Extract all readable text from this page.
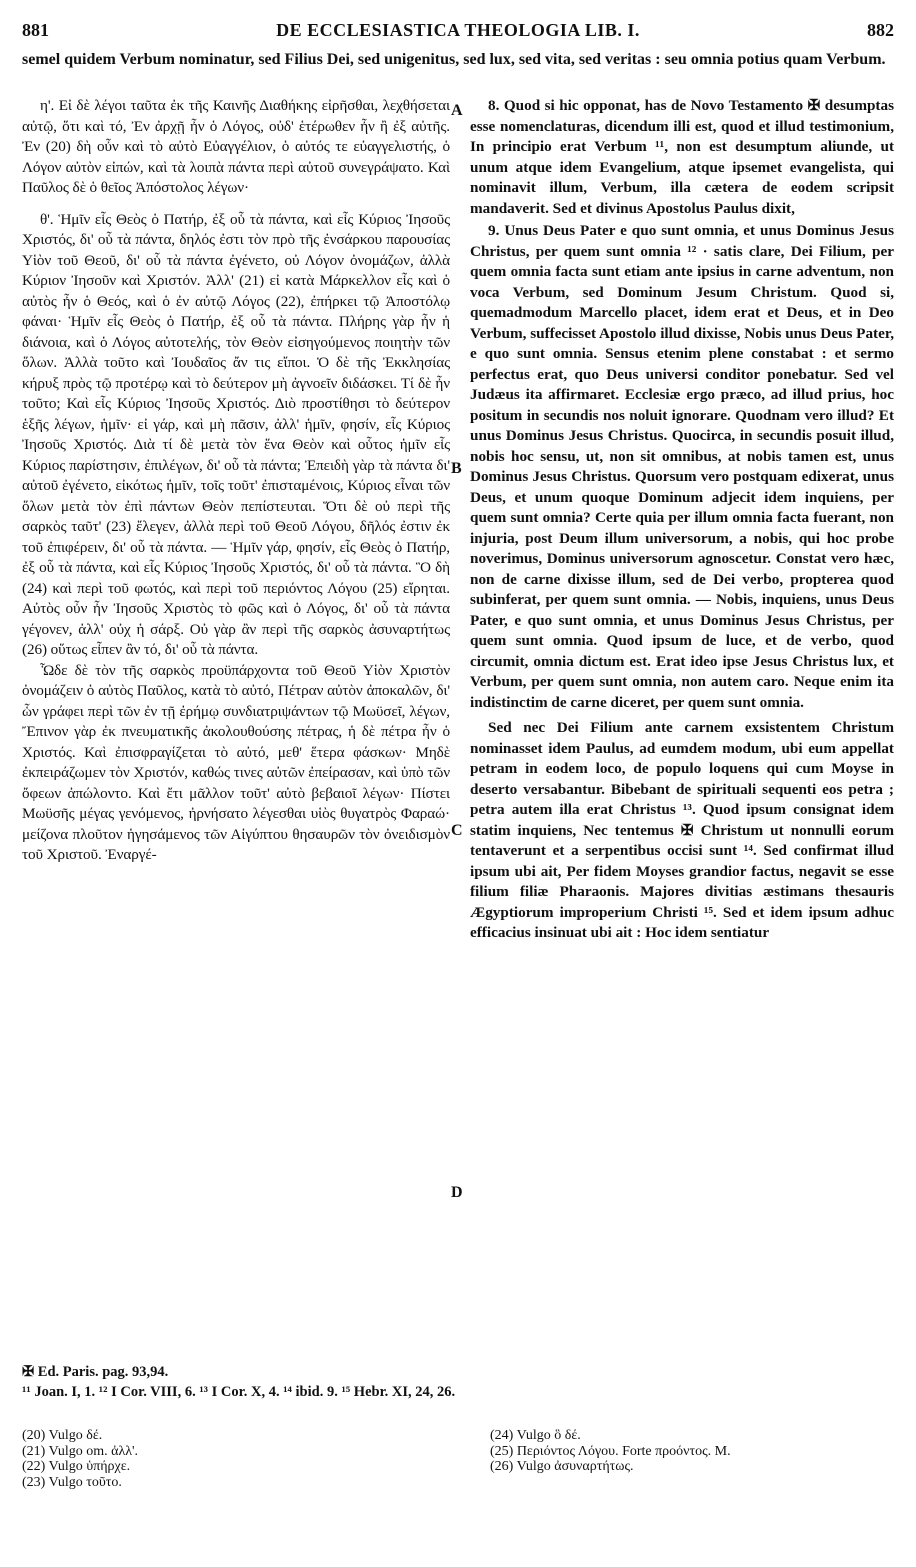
881	DE ECCLESIASTICA THEOLOGIA LIB. I.	882
semel quidem Verbum nominatur, sed Filius Dei, sed unigenitus, sed lux, sed vita, sed veritas : seu omnia potius quam Verbum.

η'. Εἰ δὲ λέγοι ταῦτα ἐκ τῆς Καινῆς Διαθήκης εἰρῆσθαι, λεχθήσεται αὐτῷ, ὅτι καὶ τό, Ἐν ἀρχῇ ἦν ὁ Λόγος, οὐδ' ἑτέρωθεν ἦν ἢ ἐξ αὐτῆς. Ἐν (20) δὴ οὖν καὶ τὸ αὐτὸ Εὐαγγέλιον, ὁ αὐτός τε εὐαγγελιστής, ὁ Λόγον αὐτὸν εἰπών, καὶ τὰ λοιπὰ πάντα περὶ αὐτοῦ συνεγράψατο. Καὶ Παῦλος δὲ ὁ θεῖος Ἀπόστολος λέγων·

θ'. Ἡμῖν εἷς Θεὸς ὁ Πατήρ, ἐξ οὗ τὰ πάντα, καὶ εἷς Κύριος Ἰησοῦς Χριστός, δι' οὗ τὰ πάντα, δηλός ἐστι τὸν πρὸ τῆς ἐνσάρκου παρουσίας Υἱὸν τοῦ Θεοῦ, δι' οὗ τὰ πάντα ἐγένετο, οὐ Λόγον ὀνομάζων, ἀλλὰ Κύριον Ἰησοῦν καὶ Χριστόν. Ἀλλ' (21) εἰ κατὰ Μάρκελλον εἷς καὶ ὁ αὐτὸς ἦν ὁ Θεός, καὶ ὁ ἐν αὐτῷ Λόγος (22), ἐπήρκει τῷ Ἀποστόλῳ φάναι· Ἡμῖν εἷς Θεὸς ὁ Πατήρ, ἐξ οὗ τὰ πάντα. Πλήρης γὰρ ἦν ἡ διάνοια, καὶ ὁ Λόγος αὐτοτελής, τὸν Θεὸν εἰσηγούμενος ποιητὴν τῶν ὅλων. Ἀλλὰ τοῦτο καὶ Ἰουδαῖος ἄν τις εἴποι. Ὁ δὲ τῆς Ἐκκλησίας κήρυξ πρὸς τῷ προτέρῳ καὶ τὸ δεύτερον μὴ ἀγνοεῖν διδάσκει. Τί δὲ ἦν τοῦτο; Καὶ εἷς Κύριος Ἰησοῦς Χριστός. Διὸ προστίθησι τὸ δεύτερον ἑξῆς λέγων, ἡμῖν· εἰ γάρ, καὶ μὴ πᾶσιν, ἀλλ' ἡμῖν, φησίν, εἷς Κύριος Ἰησοῦς Χριστός. Διὰ τί δὲ μετὰ τὸν ἕνα Θεὸν καὶ οὗτος ἡμῖν εἷς Κύριος παρίστησιν, ἐπιλέγων, δι' οὗ τὰ πάντα; Ἐπειδὴ γὰρ τὰ πάντα δι' αὐτοῦ ἐγένετο, εἰκότως ἡμῖν, τοῖς τοῦτ' ἐπισταμένοις, Κύριος εἶναι τῶν ὅλων μετὰ τὸν ἐπὶ πάντων Θεὸν πεπίστευται. Ὅτι δὲ οὐ περὶ τῆς σαρκὸς ταῦτ' (23) ἔλεγεν, ἀλλὰ περὶ τοῦ Θεοῦ Λόγου, δῆλός ἐστιν ἐκ τοῦ ἐπιφέρειν, δι' οὗ τὰ πάντα. — Ἡμῖν γάρ, φησίν, εἷς Θεὸς ὁ Πατήρ, ἐξ οὗ τὰ πάντα, καὶ εἷς Κύριος Ἰησοῦς Χριστός, δι' οὗ τὰ πάντα. Ὃ δὴ (24) καὶ περὶ τοῦ φωτός, καὶ περὶ τοῦ περιόντος Λόγου (25) εἴρηται. Αὐτὸς οὖν ἦν Ἰησοῦς Χριστὸς τὸ φῶς καὶ ὁ Λόγος, δι' οὗ τὰ πάντα γέγονεν, ἀλλ' οὐχ ἡ σάρξ. Οὐ γὰρ ἂν περὶ τῆς σαρκὸς ἀσυναρτήτως (26) οὕτως εἶπεν ἂν τό, δι' οὗ τὰ πάντα.

Ὧδε δὲ τὸν τῆς σαρκὸς προϋπάρχοντα τοῦ Θεοῦ Υἱὸν Χριστὸν ὀνομάζειν ὁ αὐτὸς Παῦλος, κατὰ τὸ αὐτό, Πέτραν αὐτὸν ἀποκαλῶν, δι' ὧν γράφει περὶ τῶν ἐν τῇ ἐρήμῳ συνδιατριψάντων τῷ Μωϋσεῖ, λέγων, Ἔπινον γὰρ ἐκ πνευματικῆς ἀκολουθούσης πέτρας, ἡ δὲ πέτρα ἦν ὁ Χριστός. Καὶ ἐπισφραγίζεται τὸ αὐτό, μεθ' ἕτερα φάσκων· Μηδὲ ἐκπειράζωμεν τὸν Χριστόν, καθώς τινες αὐτῶν ἐπείρασαν, καὶ ὑπὸ τῶν ὄφεων ἀπώλοντο. Καὶ ἔτι μᾶλλον τοῦτ' αὐτὸ βεβαιοῖ λέγων· Πίστει Μωϋσῆς μέγας γενόμενος, ἠρνήσατο λέγεσθαι υἱὸς θυγατρὸς Φαραώ· μείζονα πλοῦτον ἡγησάμενος τῶν Αἰγύπτου θησαυρῶν τὸν ὀνειδισμὸν τοῦ Χριστοῦ. Ἐναργέ-

8. Quod si hic opponat, has de Novo Testamento ✠ desumptas esse nomenclaturas, dicendum illi est, quod et illud testimonium, In principio erat Verbum ¹¹, non est desumptum aliunde, ut unum atque idem Evangelium, atque ipsemet evangelista, qui nominavit illum, Verbum, illa cætera de eodem scripsit mandaverit. Sed et divinus Apostolus Paulus dixit,

9. Unus Deus Pater e quo sunt omnia, et unus Dominus Jesus Christus, per quem sunt omnia ¹² · satis clare, Dei Filium, per quem omnia facta sunt etiam ante ipsius in carne adventum, non voca Verbum, sed Dominum Jesum Christum. Quod si, quemadmodum Marcello placet, idem erat et Deus, et in Deo Verbum, suffecisset Apostolo illud dixisse, Nobis unus Deus Pater, e quo sunt omnia. Sensus etenim plene constabat : et sermo perfectus erat, quo Deus universi conditor ponebatur. Sed vel Judæus ita affirmaret. Ecclesiæ ergo præco, ad illud prius, hoc positum in secundis nos noluit ignorare. Quodnam vero illud? Et unus Dominus Jesus Christus. Quocirca, in secundis posuit illud, nobis hoc sensu, ut, non sit omnibus, at nobis tamen est, unus Dominus Jesus Christus. Quorsum vero postquam edixerat, unus Deus, et unum quoque Dominum adjecit idem inquiens, per quem sunt omnia? Certe quia per illum omnia facta fuerant, non injuria, post Deum illum universorum, a nobis, qui hoc probe noverimus, Dominus universorum agnoscetur. Constat vero hæc, non de carne dixisse illum, sed de Dei verbo, propterea quod subinferat, per quem sunt omnia. — Nobis, inquiens, unus Deus Pater, e quo sunt omnia, et unus Dominus Jesus Christus, per quem sunt omnia. Quod ipsum de luce, et de verbo, quod circumit, omnia dictum est. Erat ideo ipse Jesus Christus lux, et Verbum, per quem sunt omnia, non autem caro. Neque enim ita indistinctim de carne diceret, per quem sunt omnia.

Sed nec Dei Filium ante carnem exsistentem Christum nominasset idem Paulus, ad eumdem modum, ubi eum appellat petram in eodem loco, de populo loquens qui cum Moyse in deserto versabantur. Bibebant de spirituali sequenti eos petra ; petra autem illa erat Christus ¹³. Quod ipsum consignat idem statim inquiens, Nec tentemus ✠ Christum ut nonnulli eorum tentaverunt et a serpentibus occisi sunt ¹⁴. Sed confirmat illud ipsum ubi ait, Per fidem Moyses grandior factus, negavit se esse filium filiæ Pharaonis. Majores divitias æstimans thesauris Ægyptiorum improperium Christi ¹⁵. Sed et idem ipsum adhuc efficacius insinuat ubi ait : Hoc idem sentiatur

A
B
C
D
✠ Ed. Paris. pag. 93,94.
¹¹ Joan. I, 1. ¹² I Cor. VIII, 6. ¹³ I Cor. X, 4. ¹⁴ ibid. 9. ¹⁵ Hebr. XI, 24, 26.
(20) Vulgo δέ.
(21) Vulgo om. ἀλλ'.
(22) Vulgo ὑπήρχε.
(23) Vulgo τοῦτο.
(24) Vulgo ὃ δέ.
(25) Περιόντος Λόγου. Forte προόντος. M.
(26) Vulgo ἀσυναρτήτως.
